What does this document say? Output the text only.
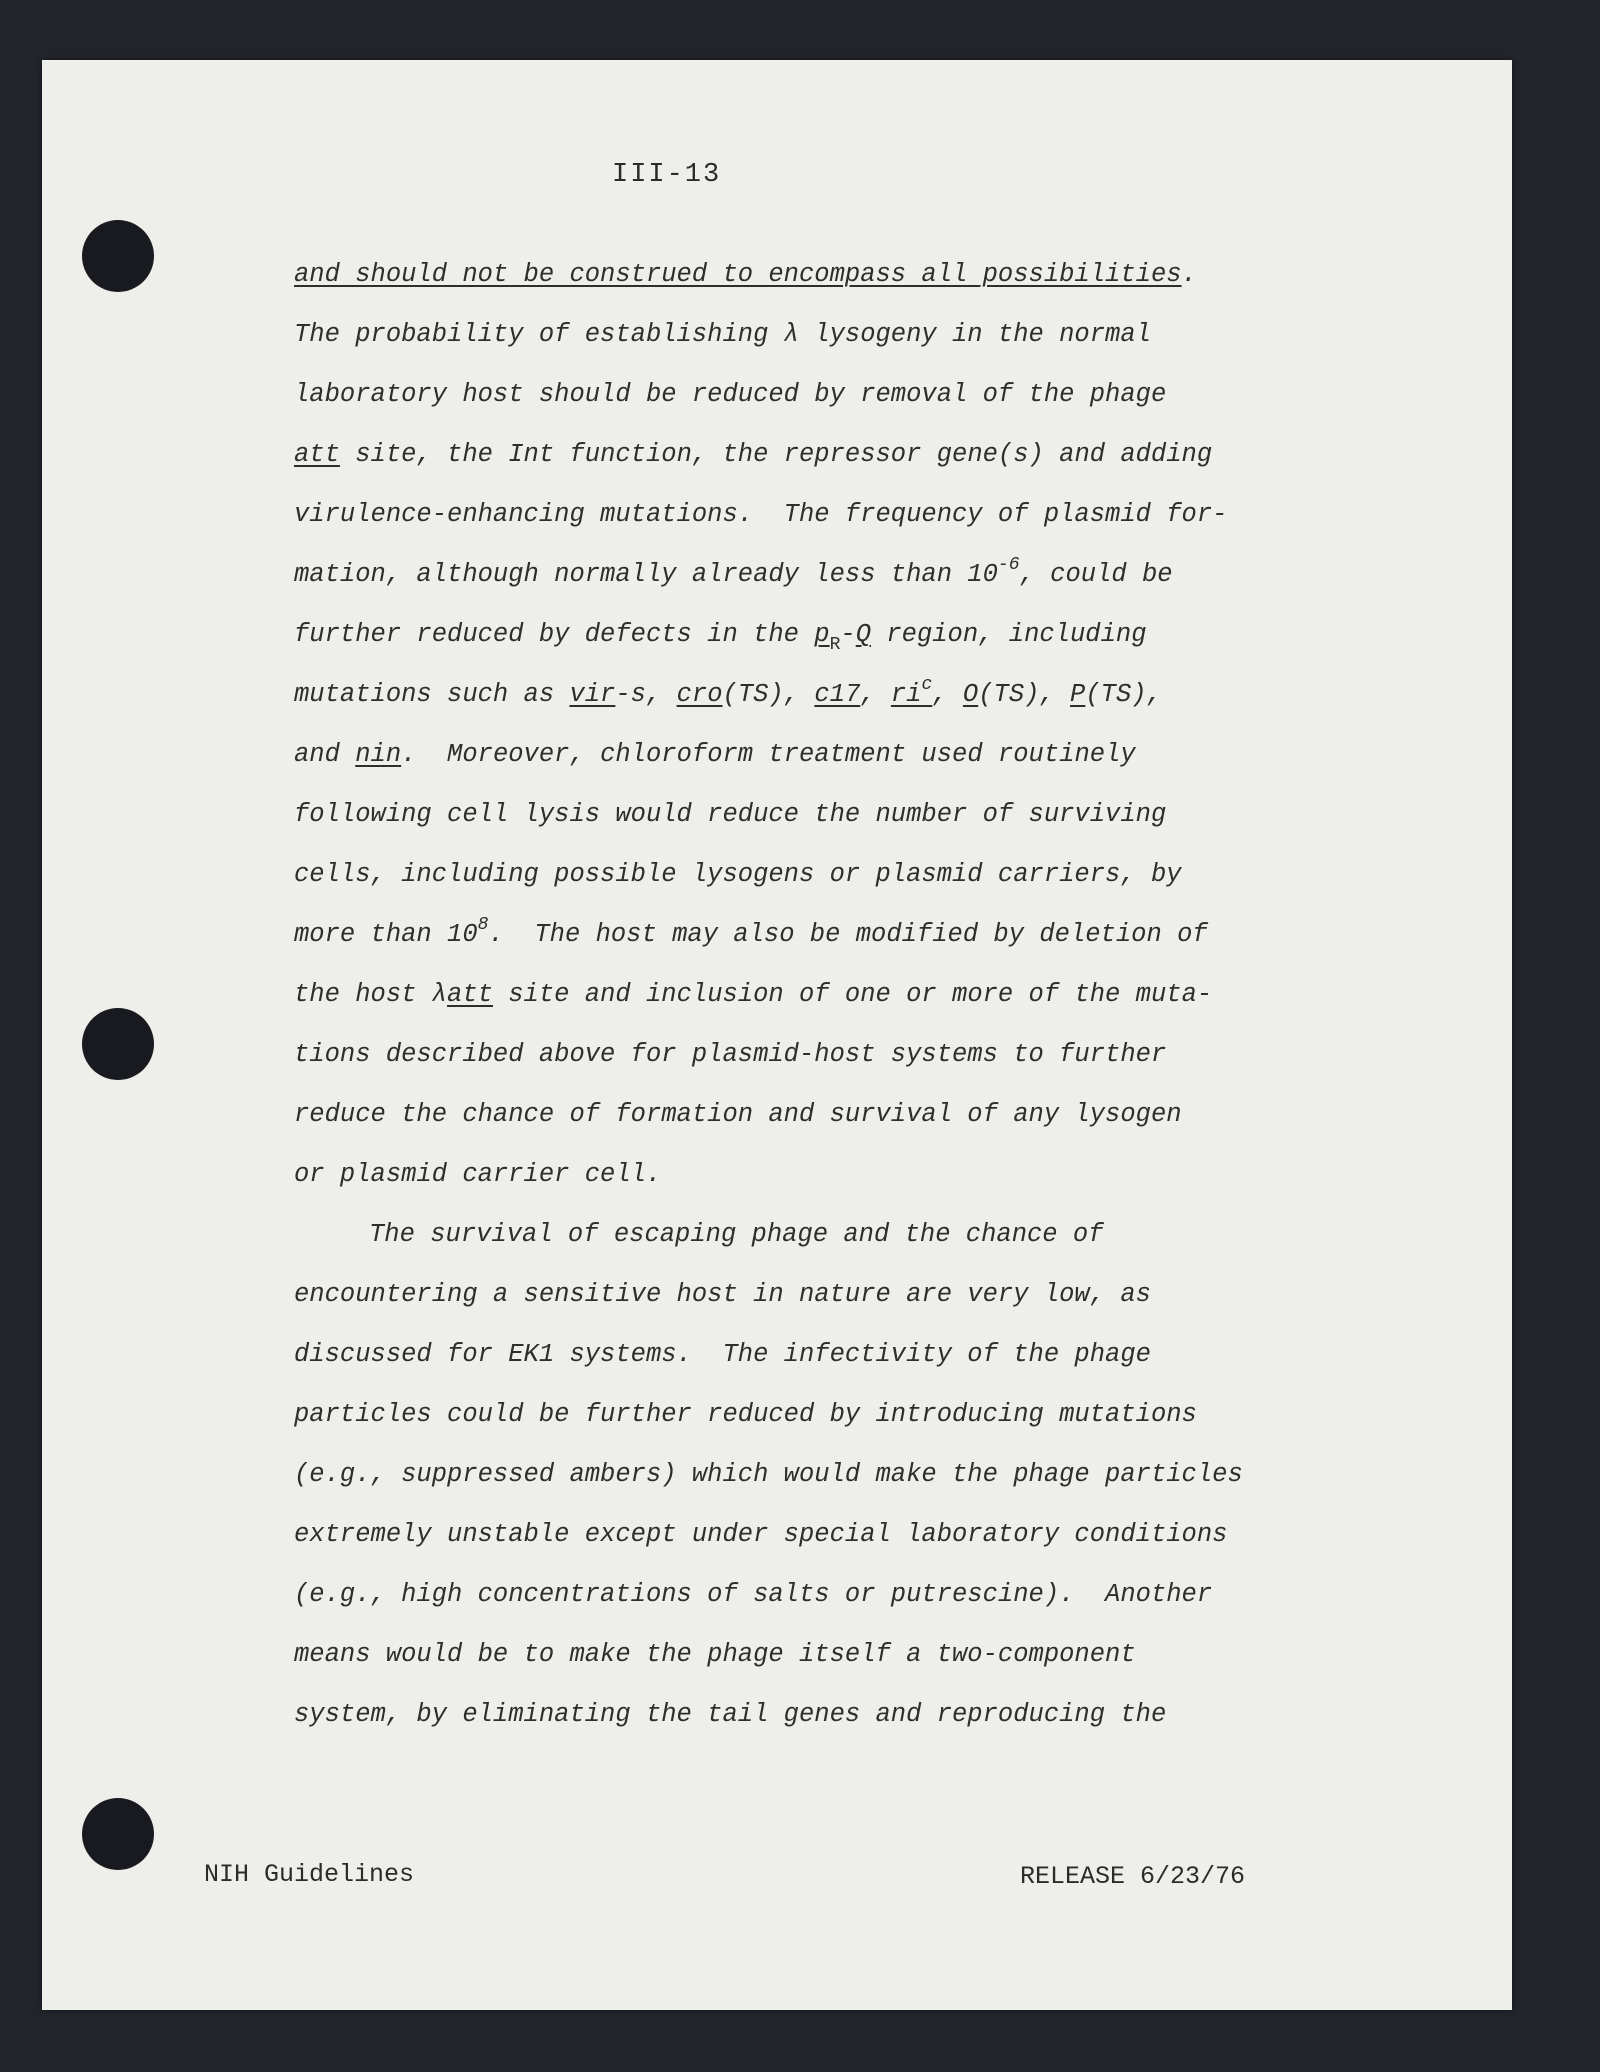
III-13
and should not be construed to encompass all possibilities.
The probability of establishing λ lysogeny in the normal
laboratory host should be reduced by removal of the phage
att site, the Int function, the repressor gene(s) and adding
virulence-enhancing mutations.  The frequency of plasmid for-
mation, although normally already less than $10^{-6}$, could be
further reduced by defects in the $p_R-Q$ region, including
mutations such as vir-s, cro(TS), c17, $ri^c$, O(TS), P(TS),
and nin.  Moreover, chloroform treatment used routinely
following cell lysis would reduce the number of surviving
cells, including possible lysogens or plasmid carriers, by
more than $10^8$.  The host may also be modified by deletion of
the host λatt site and inclusion of one or more of the muta-
tions described above for plasmid-host systems to further
reduce the chance of formation and survival of any lysogen
or plasmid carrier cell.
The survival of escaping phage and the chance of
encountering a sensitive host in nature are very low, as
discussed for EK1 systems.  The infectivity of the phage
particles could be further reduced by introducing mutations
(e.g., suppressed ambers) which would make the phage particles
extremely unstable except under special laboratory conditions
(e.g., high concentrations of salts or putrescine).  Another
means would be to make the phage itself a two-component
system, by eliminating the tail genes and reproducing the
NIH Guidelines	RELEASE 6/23/76
